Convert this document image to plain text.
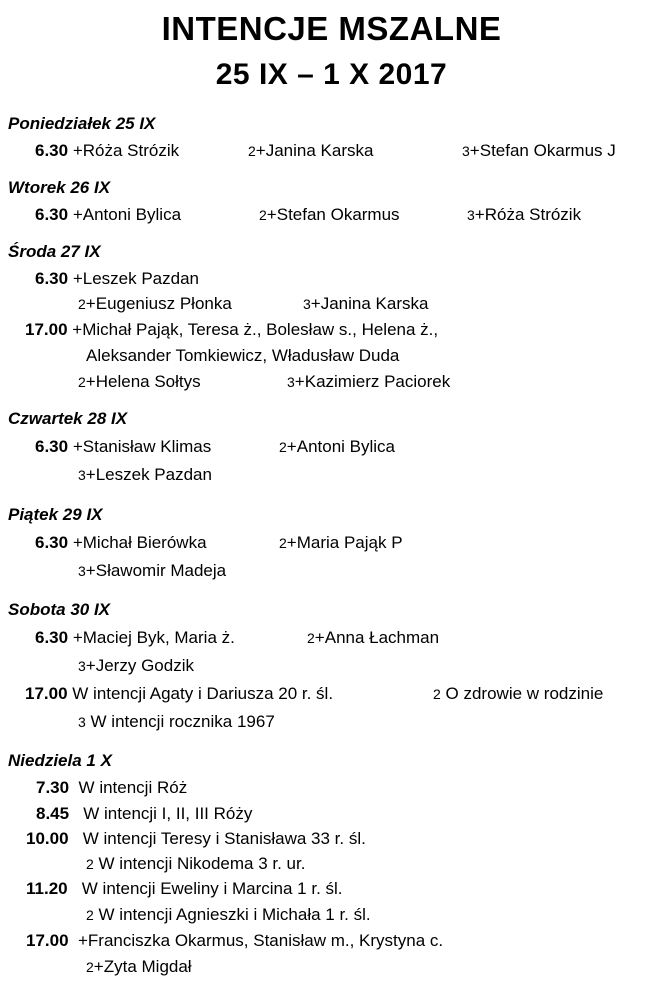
INTENCJE MSZALNE
25 IX – 1 X 2017
Poniedziałek 25 IX
6.30 +Róża Strózik	2+Janina Karska	3+Stefan Okarmus J
Wtorek 26 IX
6.30 +Antoni Bylica	2+Stefan Okarmus	3+Róża Strózik
Środa 27 IX
6.30 +Leszek Pazdan
2+Eugeniusz Płonka	3+Janina Karska
17.00 +Michał Pająk, Teresa ż., Bolesław s., Helena ż.,
Aleksander Tomkiewicz, Władusław Duda
2+Helena Sołtys	3+Kazimierz Paciorek
Czwartek 28 IX
6.30 +Stanisław Klimas	2+Antoni Bylica
3+Leszek Pazdan
Piątek 29 IX
6.30 +Michał Bierówka	2+Maria Pająk P
3+Sławomir Madeja
Sobota 30 IX
6.30 +Maciej Byk, Maria ż.	2+Anna Łachman
3+Jerzy Godzik
17.00 W intencji Agaty i Dariusza 20 r. śl.	2 O zdrowie w rodzinie
3 W intencji rocznika 1967
Niedziela 1 X
7.30 W intencji Róż
8.45 W intencji I, II, III Róży
10.00 W intencji Teresy i Stanisława 33 r. śl.
2 W intencji Nikodema 3 r. ur.
11.20 W intencji Eweliny i Marcina 1 r. śl.
2 W intencji Agnieszki i Michała 1 r. śl.
17.00 +Franciszka Okarmus, Stanisław m., Krystyna c.
2+Zyta Migdał
